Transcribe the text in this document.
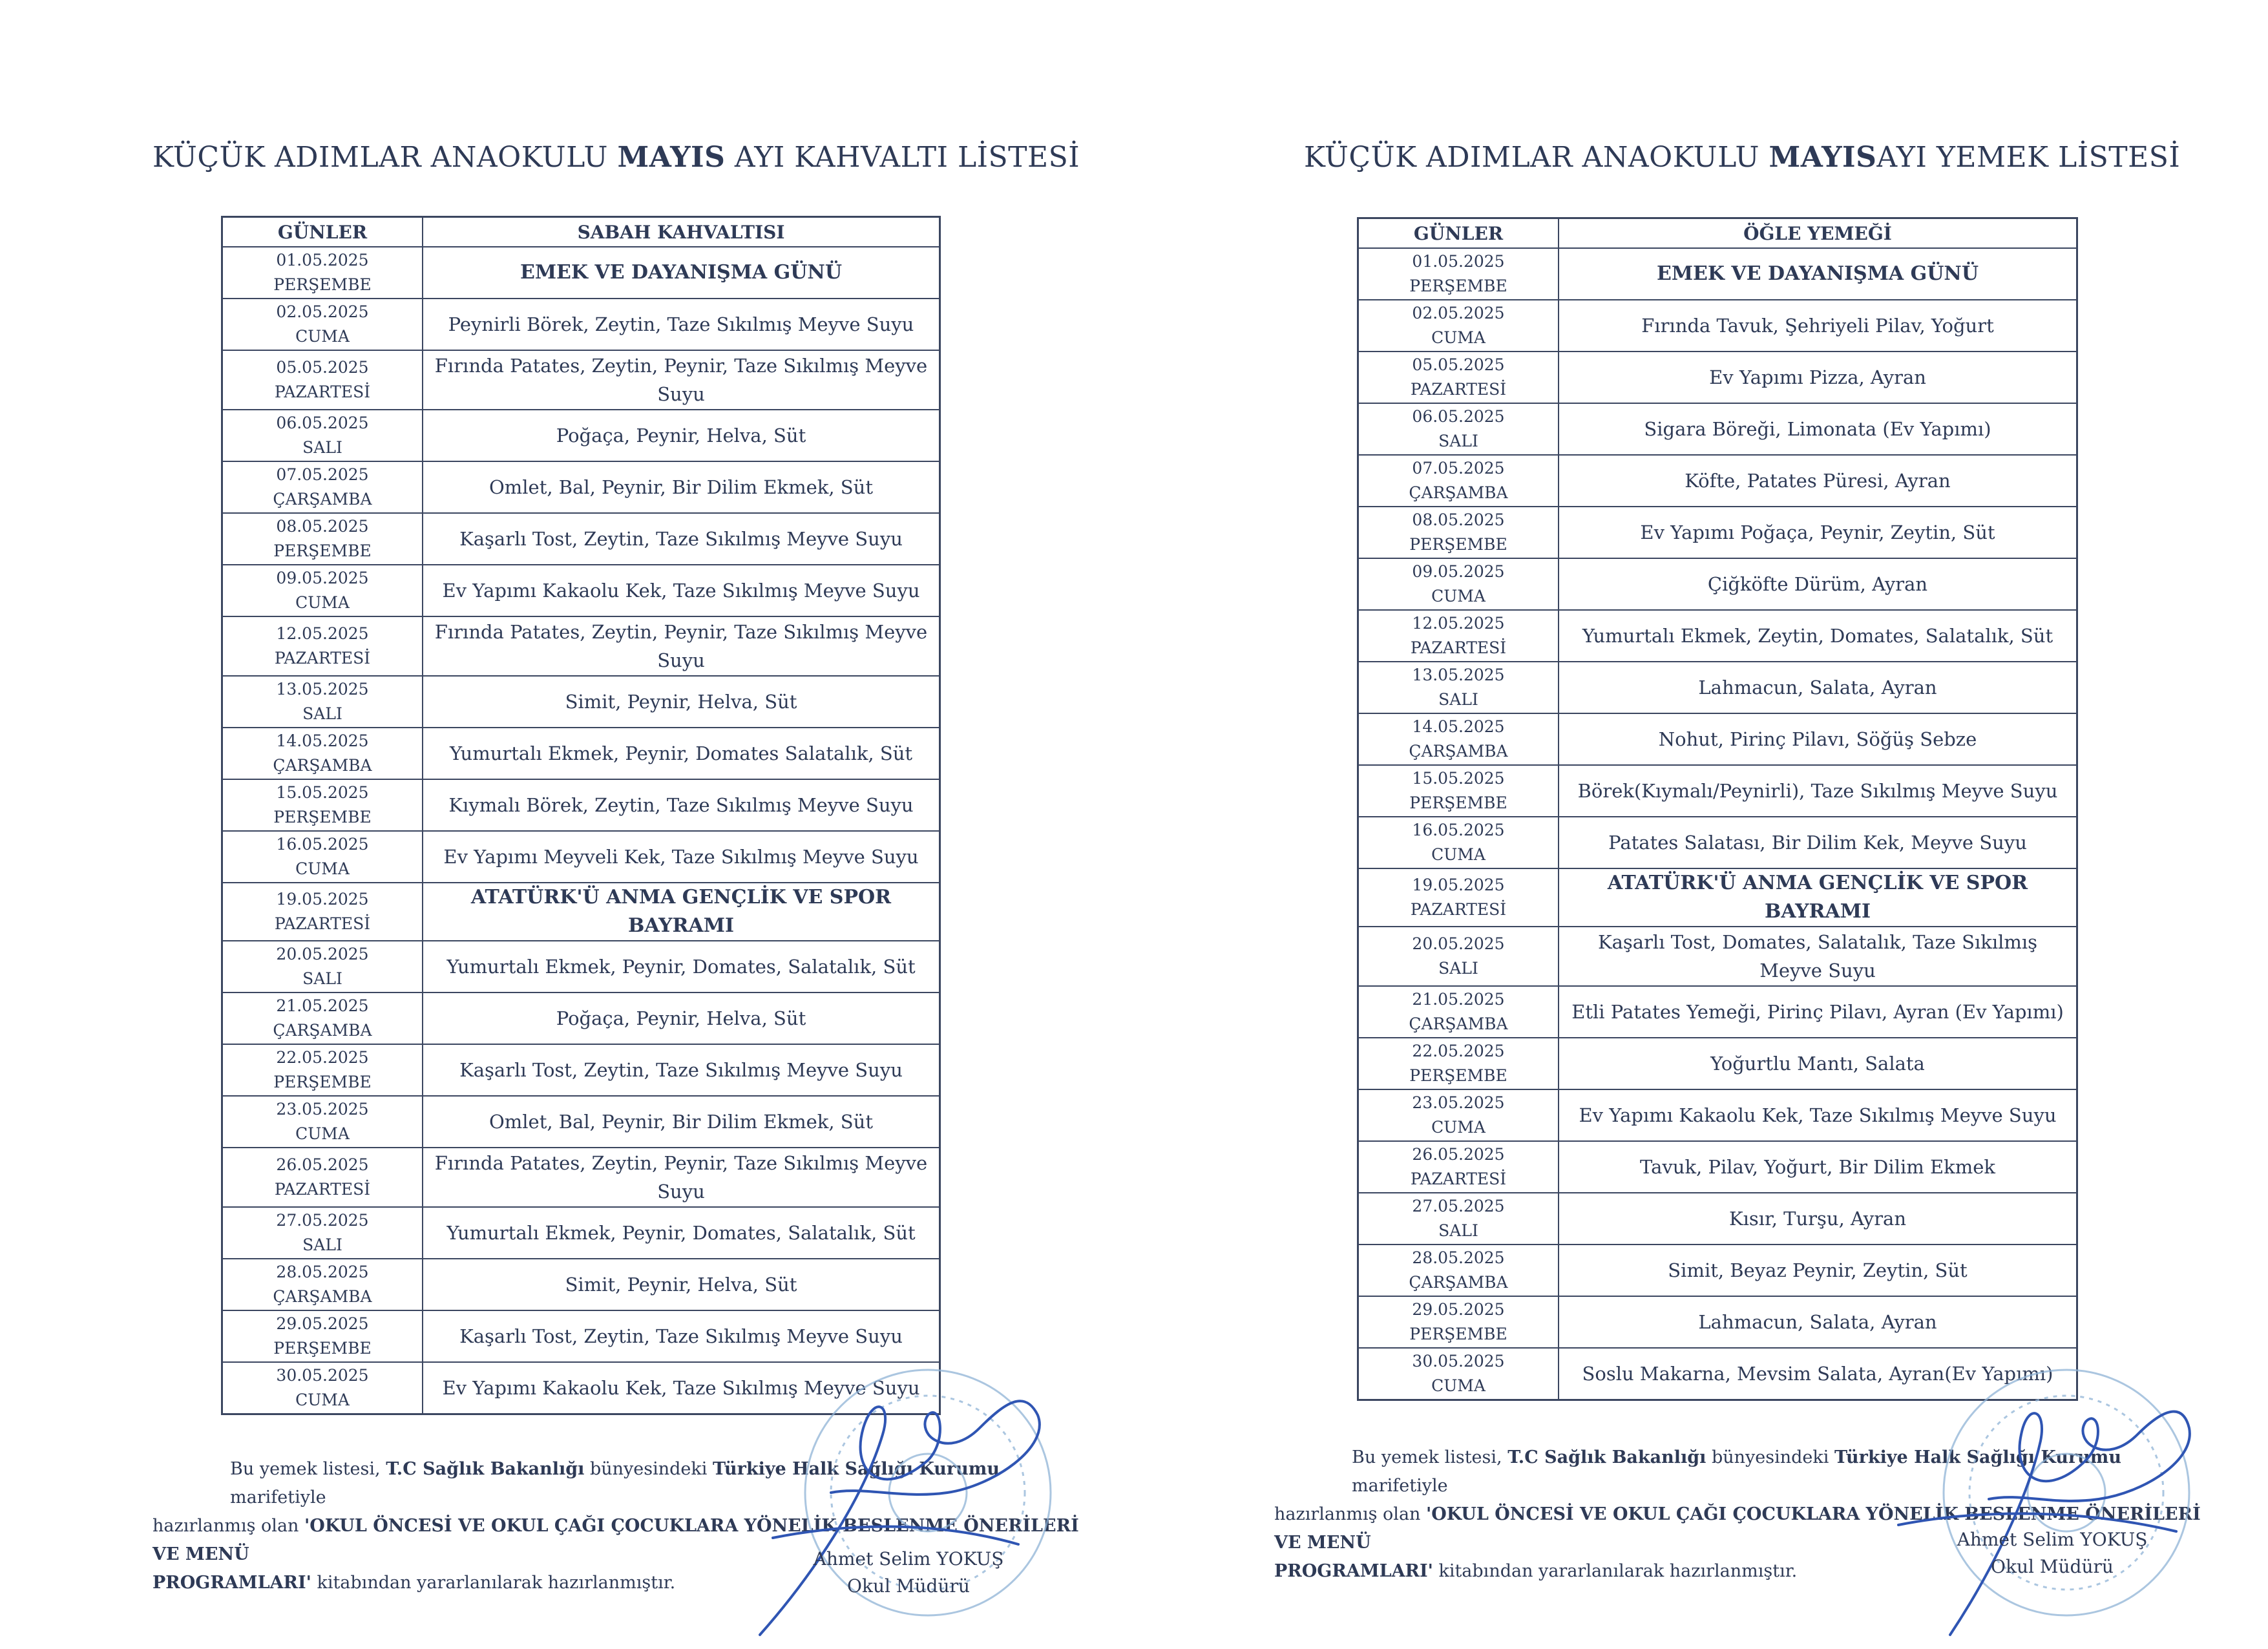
KÜÇÜK ADIMLAR ANAOKULU MAYIS AYI KAHVALTI LİSTESİ
GÜNLER	SABAH KAHVALTISI

01.05.2025
PERŞEMBE	EMEK VE DAYANIŞMA GÜNÜ

02.05.2025
CUMA	Peynirli Börek, Zeytin, Taze Sıkılmış Meyve Suyu

05.05.2025
PAZARTESİ	Fırında Patates, Zeytin, Peynir, Taze Sıkılmış Meyve Suyu

06.05.2025
SALI	Poğaça, Peynir, Helva, Süt

07.05.2025
ÇARŞAMBA	Omlet, Bal, Peynir, Bir Dilim Ekmek, Süt

08.05.2025
PERŞEMBE	Kaşarlı Tost, Zeytin, Taze Sıkılmış Meyve Suyu

09.05.2025
CUMA	Ev Yapımı Kakaolu Kek, Taze Sıkılmış Meyve Suyu

12.05.2025
PAZARTESİ	Fırında Patates, Zeytin, Peynir, Taze Sıkılmış Meyve Suyu

13.05.2025
SALI	Simit, Peynir, Helva, Süt

14.05.2025
ÇARŞAMBA	Yumurtalı Ekmek, Peynir, Domates Salatalık, Süt

15.05.2025
PERŞEMBE	Kıymalı Börek, Zeytin, Taze Sıkılmış Meyve Suyu

16.05.2025
CUMA	Ev Yapımı Meyveli Kek, Taze Sıkılmış Meyve Suyu

19.05.2025
PAZARTESİ	ATATÜRK'Ü ANMA GENÇLİK VE SPOR BAYRAMI

20.05.2025
SALI	Yumurtalı Ekmek, Peynir, Domates, Salatalık, Süt

21.05.2025
ÇARŞAMBA	Poğaça, Peynir, Helva, Süt

22.05.2025
PERŞEMBE	Kaşarlı Tost, Zeytin, Taze Sıkılmış Meyve Suyu

23.05.2025
CUMA	Omlet, Bal, Peynir, Bir Dilim Ekmek, Süt

26.05.2025
PAZARTESİ	Fırında Patates, Zeytin, Peynir, Taze Sıkılmış Meyve Suyu

27.05.2025
SALI	Yumurtalı Ekmek, Peynir, Domates, Salatalık, Süt

28.05.2025
ÇARŞAMBA	Simit, Peynir, Helva, Süt

29.05.2025
PERŞEMBE	Kaşarlı Tost, Zeytin, Taze Sıkılmış Meyve Suyu

30.05.2025
CUMA	Ev Yapımı Kakaolu Kek, Taze Sıkılmış Meyve Suyu

Bu yemek listesi, T.C Sağlık Bakanlığı bünyesindeki Türkiye Halk Sağlığı Kurumu marifetiyle

hazırlanmış olan 'OKUL ÖNCESİ VE OKUL ÇAĞI ÇOCUKLARA YÖNELİK BESLENME ÖNERİLERİ VE MENÜ

PROGRAMLARI' kitabından yararlanılarak hazırlanmıştır.

Ahmet Selim YOKUŞ
Okul Müdürü
KÜÇÜK ADIMLAR ANAOKULU MAYISAYI YEMEK LİSTESİ
GÜNLER	ÖĞLE YEMEĞİ

01.05.2025
PERŞEMBE	EMEK VE DAYANIŞMA GÜNÜ

02.05.2025
CUMA	Fırında Tavuk, Şehriyeli Pilav, Yoğurt

05.05.2025
PAZARTESİ	Ev Yapımı Pizza, Ayran

06.05.2025
SALI	Sigara Böreği, Limonata (Ev Yapımı)

07.05.2025
ÇARŞAMBA	Köfte, Patates Püresi, Ayran

08.05.2025
PERŞEMBE	Ev Yapımı Poğaça, Peynir, Zeytin, Süt

09.05.2025
CUMA	Çiğköfte Dürüm, Ayran

12.05.2025
PAZARTESİ	Yumurtalı Ekmek, Zeytin, Domates, Salatalık, Süt

13.05.2025
SALI	Lahmacun, Salata, Ayran

14.05.2025
ÇARŞAMBA	Nohut, Pirinç Pilavı, Söğüş Sebze

15.05.2025
PERŞEMBE	Börek(Kıymalı/Peynirli), Taze Sıkılmış Meyve Suyu

16.05.2025
CUMA	Patates Salatası, Bir Dilim Kek, Meyve Suyu

19.05.2025
PAZARTESİ	ATATÜRK'Ü ANMA GENÇLİK VE SPOR BAYRAMI

20.05.2025
SALI	Kaşarlı Tost, Domates, Salatalık, Taze Sıkılmış Meyve Suyu

21.05.2025
ÇARŞAMBA	Etli Patates Yemeği, Pirinç Pilavı, Ayran (Ev Yapımı)

22.05.2025
PERŞEMBE	Yoğurtlu Mantı, Salata

23.05.2025
CUMA	Ev Yapımı Kakaolu Kek, Taze Sıkılmış Meyve Suyu

26.05.2025
PAZARTESİ	Tavuk, Pilav, Yoğurt, Bir Dilim Ekmek

27.05.2025
SALI	Kısır, Turşu, Ayran

28.05.2025
ÇARŞAMBA	Simit, Beyaz Peynir, Zeytin, Süt

29.05.2025
PERŞEMBE	Lahmacun, Salata, Ayran

30.05.2025
CUMA	Soslu Makarna, Mevsim Salata, Ayran(Ev Yapımı)

Bu yemek listesi, T.C Sağlık Bakanlığı bünyesindeki Türkiye Halk Sağlığı Kurumu marifetiyle

hazırlanmış olan 'OKUL ÖNCESİ VE OKUL ÇAĞI ÇOCUKLARA YÖNELİK BESLENME ÖNERİLERİ VE MENÜ

PROGRAMLARI' kitabından yararlanılarak hazırlanmıştır.

Ahmet Selim YOKUŞ
Okul Müdürü
